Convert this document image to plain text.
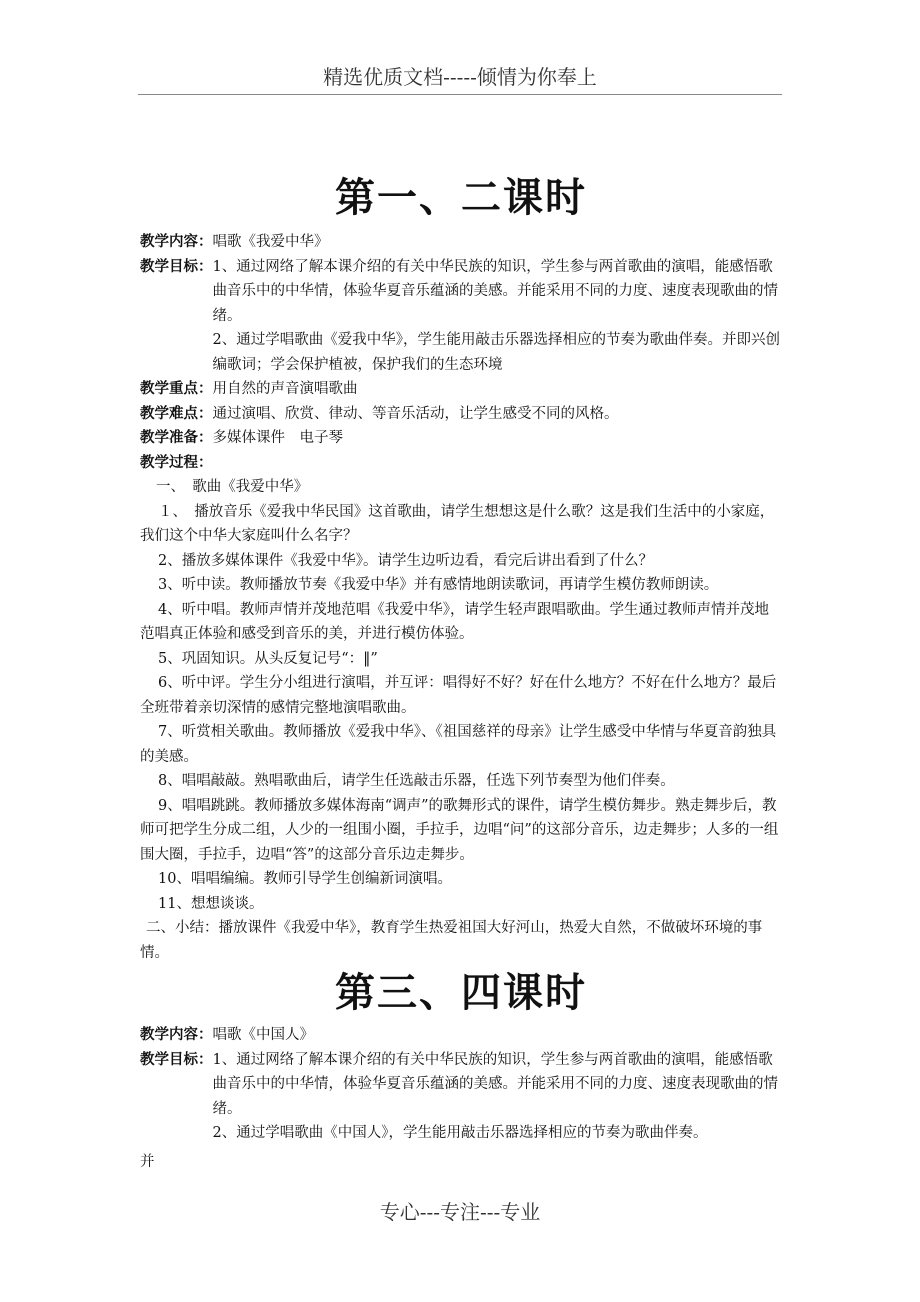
精选优质文档-----倾情为你奉上
第一、二课时
教学内容： 唱歌《我爱中华》
教学目标： 1、通过网络了解本课介绍的有关中华民族的知识，学生参与两首歌曲的演唱，能感悟歌曲音乐中的中华情，体验华夏音乐蕴涵的美感。并能采用不同的力度、速度表现歌曲的情绪。

2、通过学唱歌曲《爱我中华》，学生能用敲击乐器选择相应的节奏为歌曲伴奏。并即兴创编歌词；学会保护植被，保护我们的生态环境

教学重点： 用自然的声音演唱歌曲
教学难点： 通过演唱、欣赏、律动、等音乐活动，让学生感受不同的风格。
教学准备： 多媒体课件　电子琴
教学过程：

一、　歌曲《我爱中华》

１、　播放音乐《爱我中华民国》这首歌曲，请学生想想这是什么歌？这是我们生活中的小家庭，我们这个中华大家庭叫什么名字？

2、播放多媒体课件《我爱中华》。请学生边听边看，看完后讲出看到了什么？

3、听中读。教师播放节奏《我爱中华》并有感情地朗读歌词，再请学生模仿教师朗读。

4、听中唱。教师声情并茂地范唱《我爱中华》，请学生轻声跟唱歌曲。学生通过教师声情并茂地范唱真正体验和感受到音乐的美，并进行模仿体验。

5、巩固知识。从头反复记号“：‖”

6、听中评。学生分小组进行演唱，并互评：唱得好不好？好在什么地方？不好在什么地方？最后全班带着亲切深情的感情完整地演唱歌曲。

7、听赏相关歌曲。教师播放《爱我中华》、《祖国慈祥的母亲》让学生感受中华情与华夏音韵独具的美感。

8、唱唱敲敲。熟唱歌曲后，请学生任选敲击乐器，任选下列节奏型为他们伴奏。

9、唱唱跳跳。教师播放多媒体海南“调声”的歌舞形式的课件，请学生模仿舞步。熟走舞步后，教师可把学生分成二组，人少的一组围小圈，手拉手，边唱“问”的这部分音乐，边走舞步；人多的一组围大圈，手拉手，边唱“答”的这部分音乐边走舞步。

10、唱唱编编。教师引导学生创编新词演唱。

11、想想谈谈。

二、小结：播放课件《我爱中华》，教育学生热爱祖国大好河山，热爱大自然，不做破坏环境的事情。

第三、四课时
教学内容： 唱歌《中国人》
教学目标： 1、通过网络了解本课介绍的有关中华民族的知识，学生参与两首歌曲的演唱，能感悟歌曲音乐中的中华情，体验华夏音乐蕴涵的美感。并能采用不同的力度、速度表现歌曲的情绪。

2、通过学唱歌曲《中国人》，学生能用敲击乐器选择相应的节奏为歌曲伴奏。

并
专心---专注---专业
